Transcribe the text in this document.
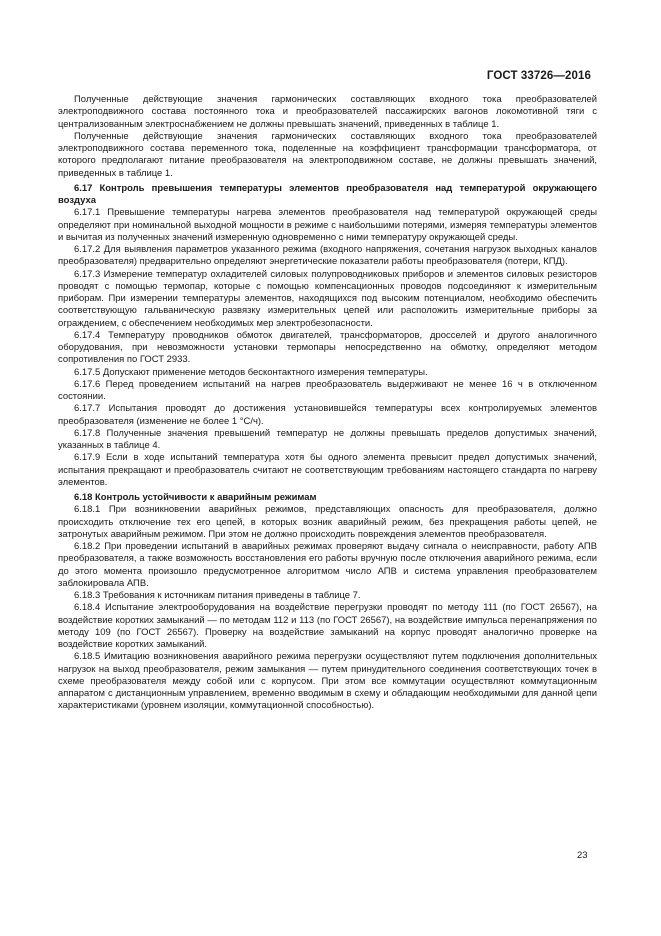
ГОСТ 33726—2016

Полученные действующие значения гармонических составляющих входного тока преобразователей электроподвижного состава постоянного тока и преобразователей пассажирских вагонов локомотивной тяги с централизованным электроснабжением не должны превышать значений, приведенных в таблице 1.

Полученные действующие значения гармонических составляющих входного тока преобразователей электроподвижного состава переменного тока, поделенные на коэффициент трансформации трансформатора, от которого предполагают питание преобразователя на электроподвижном составе, не должны превышать значений, приведенных в таблице 1.

6.17 Контроль превышения температуры элементов преобразователя над температурой окружающего воздуха

6.17.1 Превышение температуры нагрева элементов преобразователя над температурой окружающей среды определяют при номинальной выходной мощности в режиме с наибольшими потерями, измеряя температуры элементов и вычитая из полученных значений измеренную одновременно с ними температуру окружающей среды.

6.17.2 Для выявления параметров указанного режима (входного напряжения, сочетания нагрузок выходных каналов преобразователя) предварительно определяют энергетические показатели работы преобразователя (потери, КПД).

6.17.3 Измерение температур охладителей силовых полупроводниковых приборов и элементов силовых резисторов проводят с помощью термопар, которые с помощью компенсационных проводов подсоединяют к измерительным приборам. При измерении температуры элементов, находящихся под высоким потенциалом, необходимо обеспечить соответствующую гальваническую развязку измерительных цепей или расположить измерительные приборы за ограждением, с обеспечением необходимых мер электробезопасности.

6.17.4 Температуру проводников обмоток двигателей, трансформаторов, дросселей и другого аналогичного оборудования, при невозможности установки термопары непосредственно на обмотку, определяют методом сопротивления по ГОСТ 2933.

6.17.5 Допускают применение методов бесконтактного измерения температуры.

6.17.6 Перед проведением испытаний на нагрев преобразователь выдерживают не менее 16 ч в отключенном состоянии.

6.17.7 Испытания проводят до достижения установившейся температуры всех контролируемых элементов преобразователя (изменение не более 1 °С/ч).

6.17.8 Полученные значения превышений температур не должны превышать пределов допустимых значений, указанных в таблице 4.

6.17.9 Если в ходе испытаний температура хотя бы одного элемента превысит предел допустимых значений, испытания прекращают и преобразователь считают не соответствующим требованиям настоящего стандарта по нагреву элементов.

6.18 Контроль устойчивости к аварийным режимам

6.18.1 При возникновении аварийных режимов, представляющих опасность для преобразователя, должно происходить отключение тех его цепей, в которых возник аварийный режим, без прекращения работы цепей, не затронутых аварийным режимом. При этом не должно происходить повреждения элементов преобразователя.

6.18.2 При проведении испытаний в аварийных режимах проверяют выдачу сигнала о неисправности, работу АПВ преобразователя, а также возможность восстановления его работы вручную после отключения аварийного режима, если до этого момента произошло предусмотренное алгоритмом число АПВ и система управления преобразователем заблокировала АПВ.

6.18.3 Требования к источникам питания приведены в таблице 7.

6.18.4 Испытание электрооборудования на воздействие перегрузки проводят по методу 111 (по ГОСТ 26567), на воздействие коротких замыканий — по методам 112 и 113 (по ГОСТ 26567), на воздействие импульса перенапряжения по методу 109 (по ГОСТ 26567). Проверку на воздействие замыканий на корпус проводят аналогично проверке на воздействие коротких замыканий.

6.18.5 Имитацию возникновения аварийного режима перегрузки осуществляют путем подключения дополнительных нагрузок на выход преобразователя, режим замыкания — путем принудительного соединения соответствующих точек в схеме преобразователя между собой или с корпусом. При этом все коммутации осуществляют коммутационным аппаратом с дистанционным управлением, временно вводимым в схему и обладающим необходимыми для данной цепи характеристиками (уровнем изоляции, коммутационной способностью).

23
